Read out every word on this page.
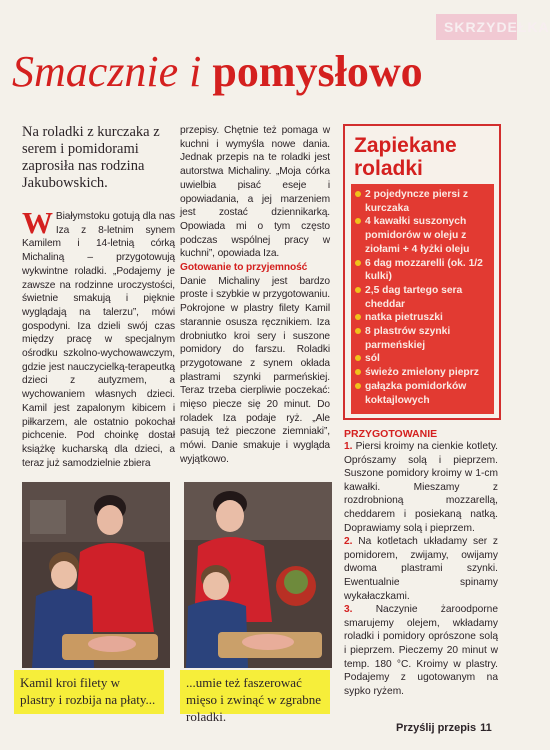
SKRZYDEŁKA
Smacznie i pomysłowo

Na roladki z kurczaka z serem i pomidorami zaprosiła nas rodzina Jakubowskich.

W Białymstoku gotują dla nas Iza z 8-letnim synem Kamilem i 14-letnią córką Michaliną – przygotowują wykwintne roladki. „Podajemy je zawsze na rodzinne uroczystości, świetnie smakują i pięknie wyglądają na talerzu”, mówi gospodyni. Iza dzieli swój czas między pracę w specjalnym ośrodku szkolno-wychowawczym, gdzie jest nauczycielką-terapeutką dzieci z autyzmem, a wychowaniem własnych dzieci. Kamil jest zapalonym kibicem i piłkarzem, ale ostatnio pokochał pichcenie. Pod choinkę dostał książkę kucharską dla dzieci, a teraz już samodzielnie zbiera

przepisy. Chętnie też pomaga w kuchni i wymyśla nowe dania. Jednak przepis na te roladki jest autorstwa Michaliny. „Moja córka uwielbia pisać eseje i opowiadania, a jej marzeniem jest zostać dziennikarką. Opowiada mi o tym często podczas wspólnej pracy w kuchni”, opowiada Iza.

Gotowanie to przyjemność

Danie Michaliny jest bardzo proste i szybkie w przygotowaniu. Pokrojone w plastry filety Kamil starannie osusza ręcznikiem. Iza drobniutko kroi sery i suszone pomidory do farszu. Roladki przygotowane z synem okłada plastrami szynki parmeńskiej. Teraz trzeba cierpliwie poczekać: mięso piecze się 20 minut. Do roladek Iza podaje ryż. „Ale pasują też pieczone ziemniaki”, mówi. Danie smakuje i wygląda wyjątkowo.

Zapiekane roladki
2 pojedyncze piersi z kurczaka
4 kawałki suszonych pomidorów w oleju z ziołami + 4 łyżki oleju
6 dag mozzarelli (ok. 1/2 kulki)
2,5 dag tartego sera cheddar
natka pietruszki
8 plastrów szynki parmeńskiej
sól
świeżo zmielony pieprz
gałązka pomidorków koktajlowych
PRZYGOTOWANIE

1. Piersi kroimy na cienkie kotlety. Oprószamy solą i pieprzem. Suszone pomidory kroimy w 1-cm kawałki. Mieszamy z rozdrobnioną mozzarellą, cheddarem i posiekaną natką. Doprawiamy solą i pieprzem.

2. Na kotletach układamy ser z pomidorem, zwijamy, owijamy dwoma plastrami szynki. Ewentualnie spinamy wykałaczkami.

3. Naczynie żaroodporne smarujemy olejem, wkładamy roladki i pomidory oprószone solą i pieprzem. Pieczemy 20 minut w temp. 180 °C. Kroimy w plastry. Podajemy z ugotowanym na sypko ryżem.

Kamil kroi filety w plastry i rozbija na płaty...
...umie też faszerować mięso i zwinąć w zgrabne roladki.
Przyślij przepis 11
